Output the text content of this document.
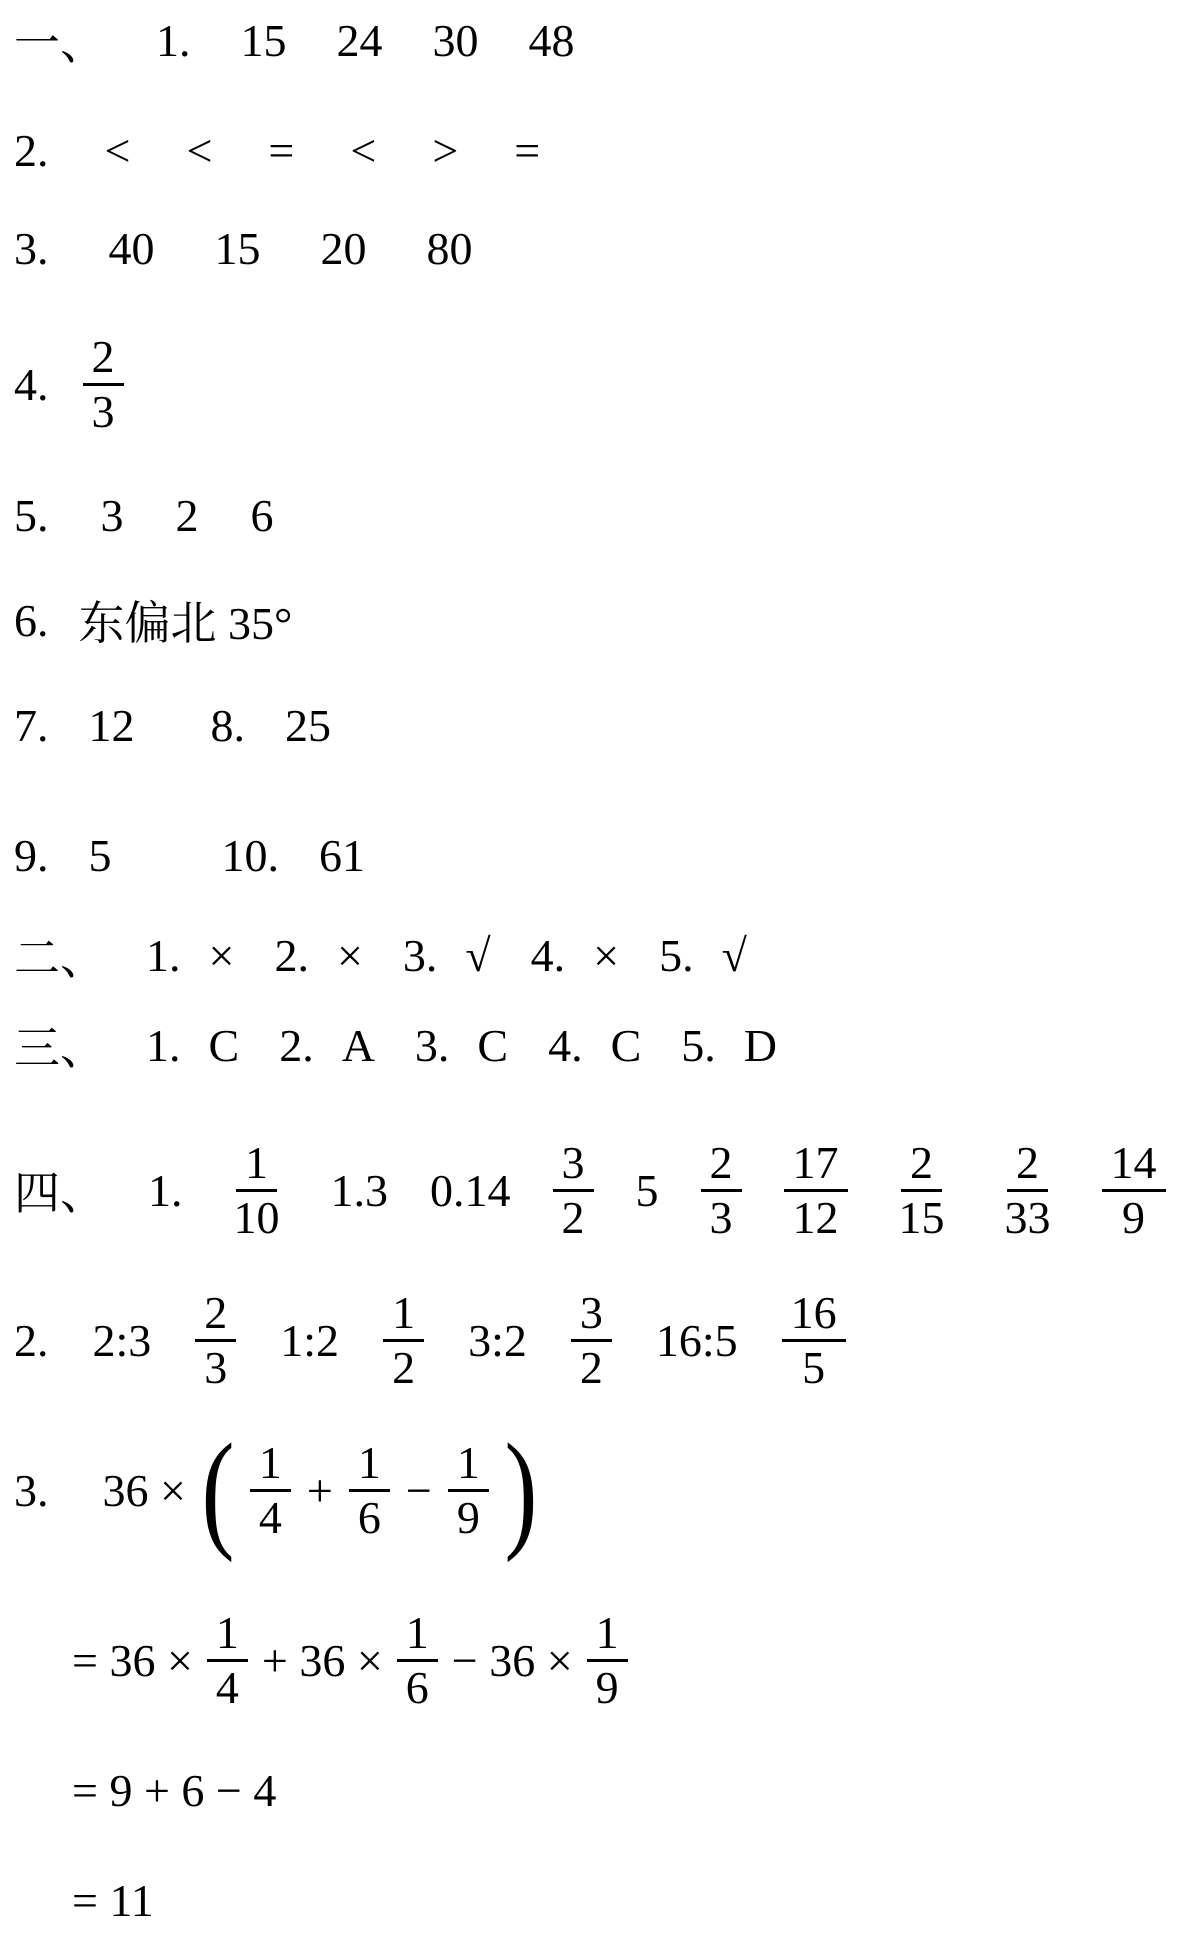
一、 1. 15 24 30 48
2. < < = < > =
3. 40 15 20 80
4. $\frac{2}{3}$
5. 3 2 6
6. 东偏北 35°
7. 12 8. 25
9. 5 10. 61
二、 1. × 2. × 3. √ 4. × 5. √
三、 1. C 2. A 3. C 4. C 5. D
四、 1. $\frac{1}{10} 1.3$ $0.14 \frac{3}{2} 5 \frac{2}{3} \frac{17}{12} \frac{2}{15} \frac{2}{33} \frac{14}{9}$
2. 2:3 $\frac{2}{3}$ 1:2 $\frac{1}{2}$ 3:2 $\frac{3}{2}$ 16:5 $\frac{16}{5}$
3. 36 × ( $\frac{1}{4} + \frac{1}{6} - \frac{1}{9}$ )
= $36 \times \frac{1}{4} + 36 \times \frac{1}{6} - 36 \times \frac{1}{9}$
= 9 + 6 − 4
= 11
